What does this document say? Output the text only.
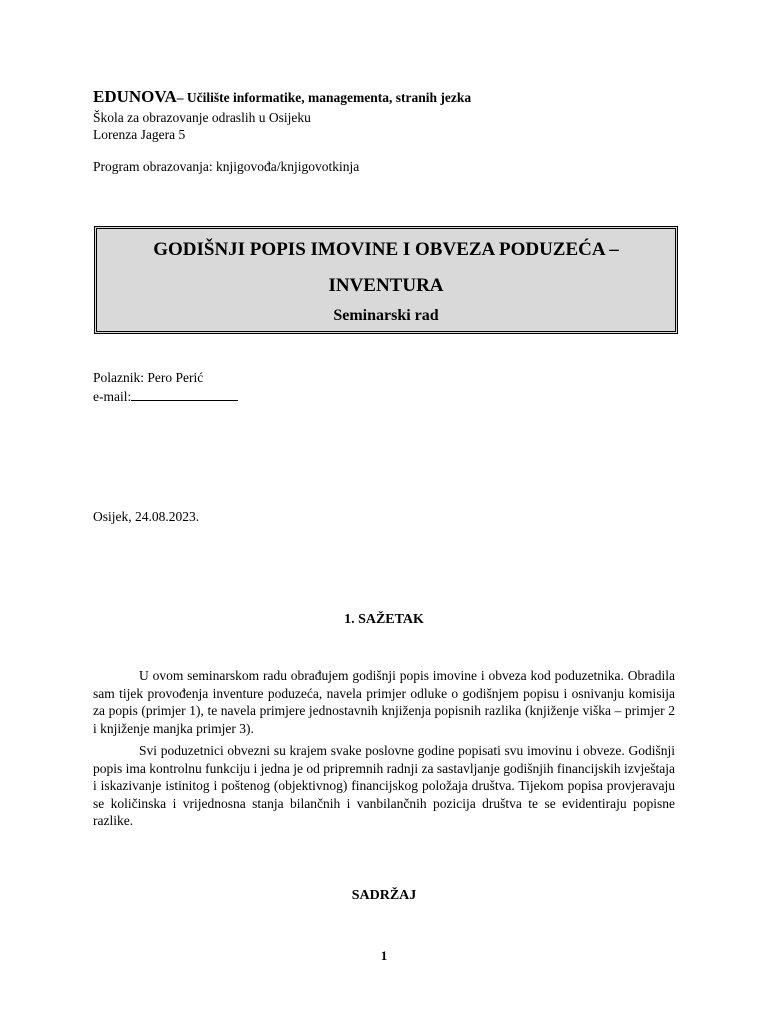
EDUNOVA– Učilište informatike, managementa, stranih jezka
Škola za obrazovanje odraslih u Osijeku
Lorenza Jagera 5
Program obrazovanja: knjigovođa/knjigovotkinja
GODIŠNJI POPIS IMOVINE I OBVEZA PODUZEĆA –
INVENTURA
Seminarski rad
Polaznik: Pero Perić
e-mail:
Osijek, 24.08.2023.
1. SAŽETAK

U ovom seminarskom radu obrađujem godišnji popis imovine i obveza kod poduzetnika. Obradila sam tijek provođenja inventure poduzeća, navela primjer odluke o godišnjem popisu i osnivanju komisija za popis (primjer 1), te navela primjere jednostavnih knjiženja popisnih razlika (knjiženje viška – primjer 2 i knjiženje manjka primjer 3).

Svi poduzetnici obvezni su krajem svake poslovne godine popisati svu imovinu i obveze. Godišnji popis ima kontrolnu funkciju i jedna je od pripremnih radnji za sastavljanje godišnjih financijskih izvještaja i iskazivanje istinitog i poštenog (objektivnog) financijskog položaja društva. Tijekom popisa provjeravaju se količinska i vrijednosna stanja bilančnih i vanbilančnih pozicija društva te se evidentiraju popisne razlike.

SADRŽAJ
1
